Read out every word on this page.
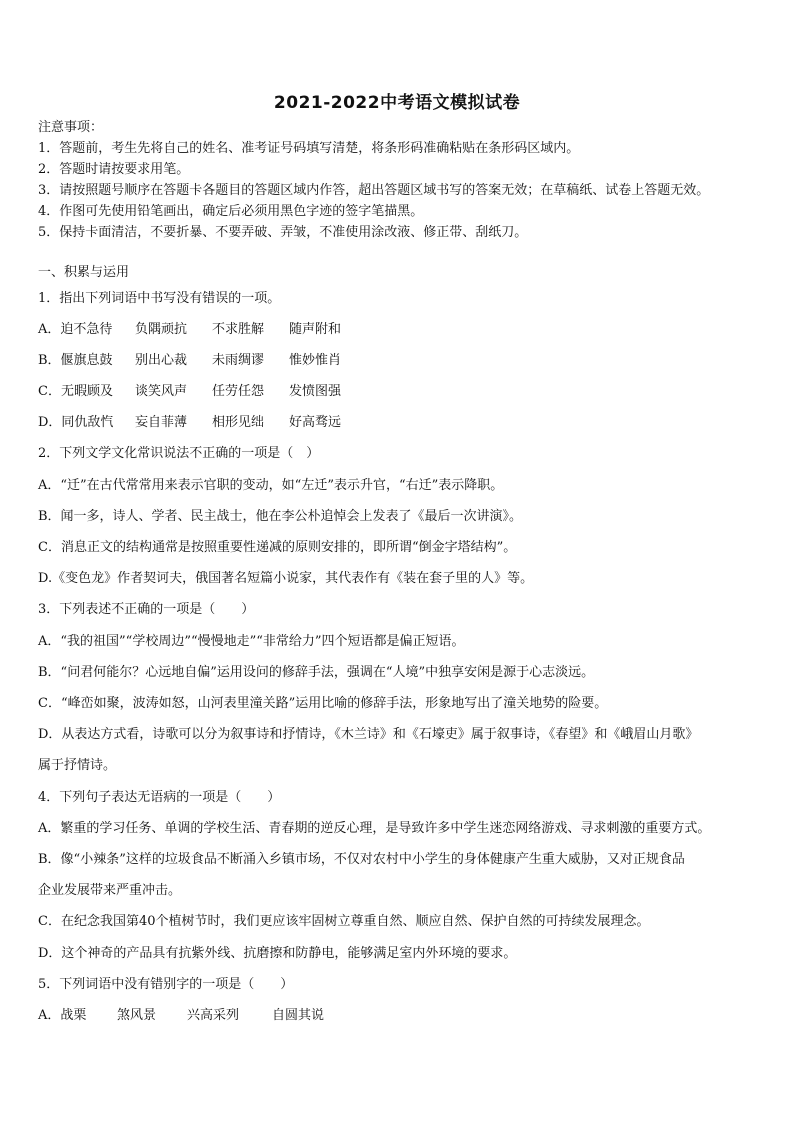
2021-2022中考语文模拟试卷
注意事项：
1．答题前，考生先将自己的姓名、准考证号码填写清楚，将条形码准确粘贴在条形码区域内。
2．答题时请按要求用笔。
3．请按照题号顺序在答题卡各题目的答题区域内作答，超出答题区域书写的答案无效；在草稿纸、试卷上答题无效。
4．作图可先使用铅笔画出，确定后必须用黑色字迹的签字笔描黑。
5．保持卡面清洁，不要折暴、不要弄破、弄皱，不准使用涂改液、修正带、刮纸刀。
一、积累与运用
1．指出下列词语中书写没有错误的一项。
A．迫不急待 负隅顽抗 不求胜解 随声附和
B．偃旗息鼓 别出心裁 未雨绸谬 惟妙惟肖
C．无暇顾及 谈笑风声 任劳任怨 发愤图强
D．同仇敌忾 妄自菲薄 相形见绌 好高骛远
2．下列文学文化常识说法不正确的一项是（　）
A．“迁”在古代常常用来表示官职的变动，如“左迁”表示升官，“右迁”表示降职。
B．闻一多，诗人、学者、民主战士，他在李公朴追悼会上发表了《最后一次讲演》。
C．消息正文的结构通常是按照重要性递减的原则安排的，即所谓“倒金字塔结构”。
D.《变色龙》作者契诃夫，俄国著名短篇小说家，其代表作有《装在套子里的人》等。
3．下列表述不正确的一项是（　　）
A．“我的祖国”“学校周边”“慢慢地走”“非常给力”四个短语都是偏正短语。
B．“问君何能尔？心远地自偏”运用设问的修辞手法，强调在“人境”中独享安闲是源于心志淡远。
C．“峰峦如聚，波涛如怒，山河表里潼关路”运用比喻的修辞手法，形象地写出了潼关地势的险要。
D．从表达方式看，诗歌可以分为叙事诗和抒情诗，《木兰诗》和《石壕吏》属于叙事诗，《春望》和《峨眉山月歌》
属于抒情诗。
4．下列句子表达无语病的一项是（　　）
A．繁重的学习任务、单调的学校生活、青春期的逆反心理，是导致许多中学生迷恋网络游戏、寻求刺激的重要方式。
B．像“小辣条”这样的垃圾食品不断涌入乡镇市场，不仅对农村中小学生的身体健康产生重大威胁，又对正规食品
企业发展带来严重冲击。
C．在纪念我国第40个植树节时，我们更应该牢固树立尊重自然、顺应自然、保护自然的可持续发展理念。
D．这个神奇的产品具有抗紫外线、抗磨擦和防静电，能够满足室内外环境的要求。
5．下列词语中没有错别字的一项是（　　）
A．战栗 煞风景 兴高采列	自圆其说
